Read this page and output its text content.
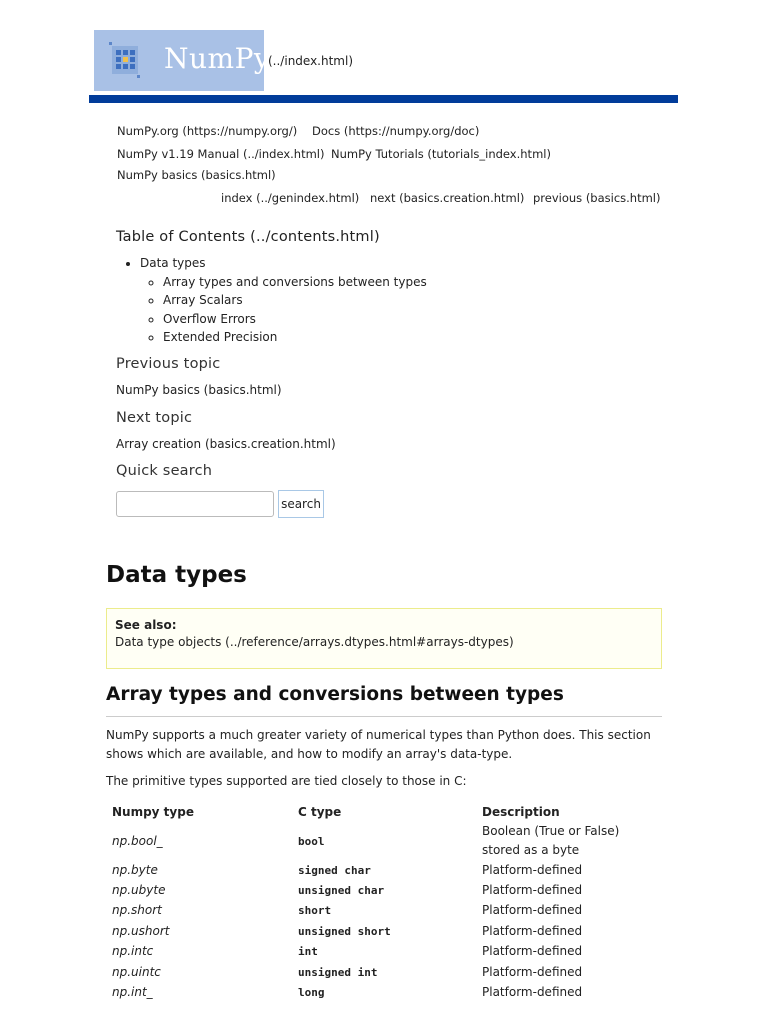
NumPy
(../index.html)
NumPy.org (https://numpy.org/) Docs (https://numpy.org/doc)
NumPy v1.19 Manual (../index.html) NumPy Tutorials (tutorials_index.html)
NumPy basics (basics.html)
index (../genindex.html) next (basics.creation.html) previous (basics.html)
Table of Contents (../contents.html)
• Data types
◦ Array types and conversions between types
◦ Array Scalars
◦ Overflow Errors
◦ Extended Precision
Previous topic
NumPy basics (basics.html)
Next topic
Array creation (basics.creation.html)
Quick search
search
Data types
See also:
Data type objects (../reference/arrays.dtypes.html#arrays-dtypes)
Array types and conversions between types

NumPy supports a much greater variety of numerical types than Python does. This section shows which are available, and how to modify an array's data-type.

The primitive types supported are tied closely to those in C:

Numpy type	C type	Description
np.bool_	bool	Boolean (True or False) stored as a byte
np.byte	signed char	Platform-defined
np.ubyte	unsigned char	Platform-defined
np.short	short	Platform-defined
np.ushort	unsigned short	Platform-defined
np.intc	int	Platform-defined
np.uintc	unsigned int	Platform-defined
np.int_	long	Platform-defined
